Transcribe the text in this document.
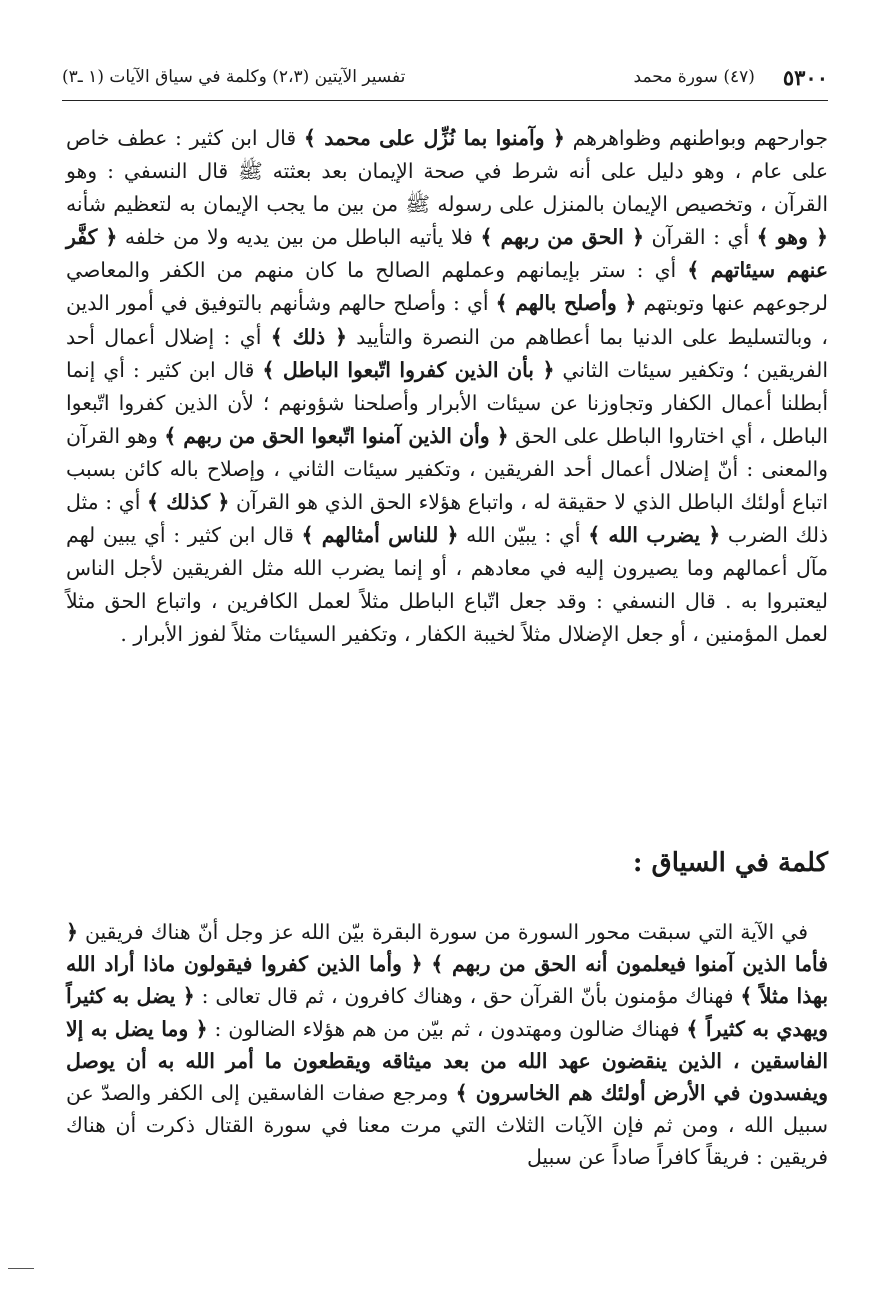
٥٣٠٠
(٤٧) سورة محمد
تفسير الآيتين (٢،٣) وكلمة في سياق الآيات (١ ـ٣)

جوارحهم وبواطنهم وظواهرهم ﴿ وآمنوا بما نُزِّل على محمد ﴾ قال ابن كثير : عطف خاص على عام ، وهو دليل على أنه شرط في صحة الإيمان بعد بعثته ﷺ قال النسفي : وهو القرآن ، وتخصيص الإيمان بالمنزل على رسوله ﷺ من بين ما يجب الإيمان به لتعظيم شأنه ﴿ وهو ﴾ أي : القرآن ﴿ الحق من ربهم ﴾ فلا يأتيه الباطل من بين يديه ولا من خلفه ﴿ كفَّر عنهم سيئاتهم ﴾ أي : ستر بإيمانهم وعملهم الصالح ما كان منهم من الكفر والمعاصي لرجوعهم عنها وتوبتهم ﴿ وأصلح بالهم ﴾ أي : وأصلح حالهم وشأنهم بالتوفيق في أمور الدين ، وبالتسليط على الدنيا بما أعطاهم من النصرة والتأييد ﴿ ذلك ﴾ أي : إضلال أعمال أحد الفريقين ؛ وتكفير سيئات الثاني ﴿ بأن الذين كفروا اتّبعوا الباطل ﴾ قال ابن كثير : أي إنما أبطلنا أعمال الكفار وتجاوزنا عن سيئات الأبرار وأصلحنا شؤونهم ؛ لأن الذين كفروا اتّبعوا الباطل ، أي اختاروا الباطل على الحق ﴿ وأن الذين آمنوا اتّبعوا الحق من ربهم ﴾ وهو القرآن والمعنى : أنّ إضلال أعمال أحد الفريقين ، وتكفير سيئات الثاني ، وإصلاح باله كائن بسبب اتباع أولئك الباطل الذي لا حقيقة له ، واتباع هؤلاء الحق الذي هو القرآن ﴿ كذلك ﴾ أي : مثل ذلك الضرب ﴿ يضرب الله ﴾ أي : يبيّن الله ﴿ للناس أمثالهم ﴾ قال ابن كثير : أي يبين لهم مآل أعمالهم وما يصيرون إليه في معادهم ، أو إنما يضرب الله مثل الفريقين لأجل الناس ليعتبروا به . قال النسفي : وقد جعل اتّباع الباطل مثلاً لعمل الكافرين ، واتباع الحق مثلاً لعمل المؤمنين ، أو جعل الإضلال مثلاً لخيبة الكفار ، وتكفير السيئات مثلاً لفوز الأبرار .

كلمة في السياق :

في الآية التي سبقت محور السورة من سورة البقرة بيّن الله عز وجل أنّ هناك فريقين ﴿ فأما الذين آمنوا فيعلمون أنه الحق من ربهم ﴾ ﴿ وأما الذين كفروا فيقولون ماذا أراد الله بهذا مثلاً ﴾ فهناك مؤمنون بأنّ القرآن حق ، وهناك كافرون ، ثم قال تعالى : ﴿ يضل به كثيراً ويهدي به كثيراً ﴾ فهناك ضالون ومهتدون ، ثم بيّن من هم هؤلاء الضالون : ﴿ وما يضل به إلا الفاسقين ، الذين ينقضون عهد الله من بعد ميثاقه ويقطعون ما أمر الله به أن يوصل ويفسدون في الأرض أولئك هم الخاسرون ﴾ ومرجع صفات الفاسقين إلى الكفر والصدّ عن سبيل الله ، ومن ثم فإن الآيات الثلاث التي مرت معنا في سورة القتال ذكرت أن هناك فريقين : فريقاً كافراً صاداً عن سبيل
